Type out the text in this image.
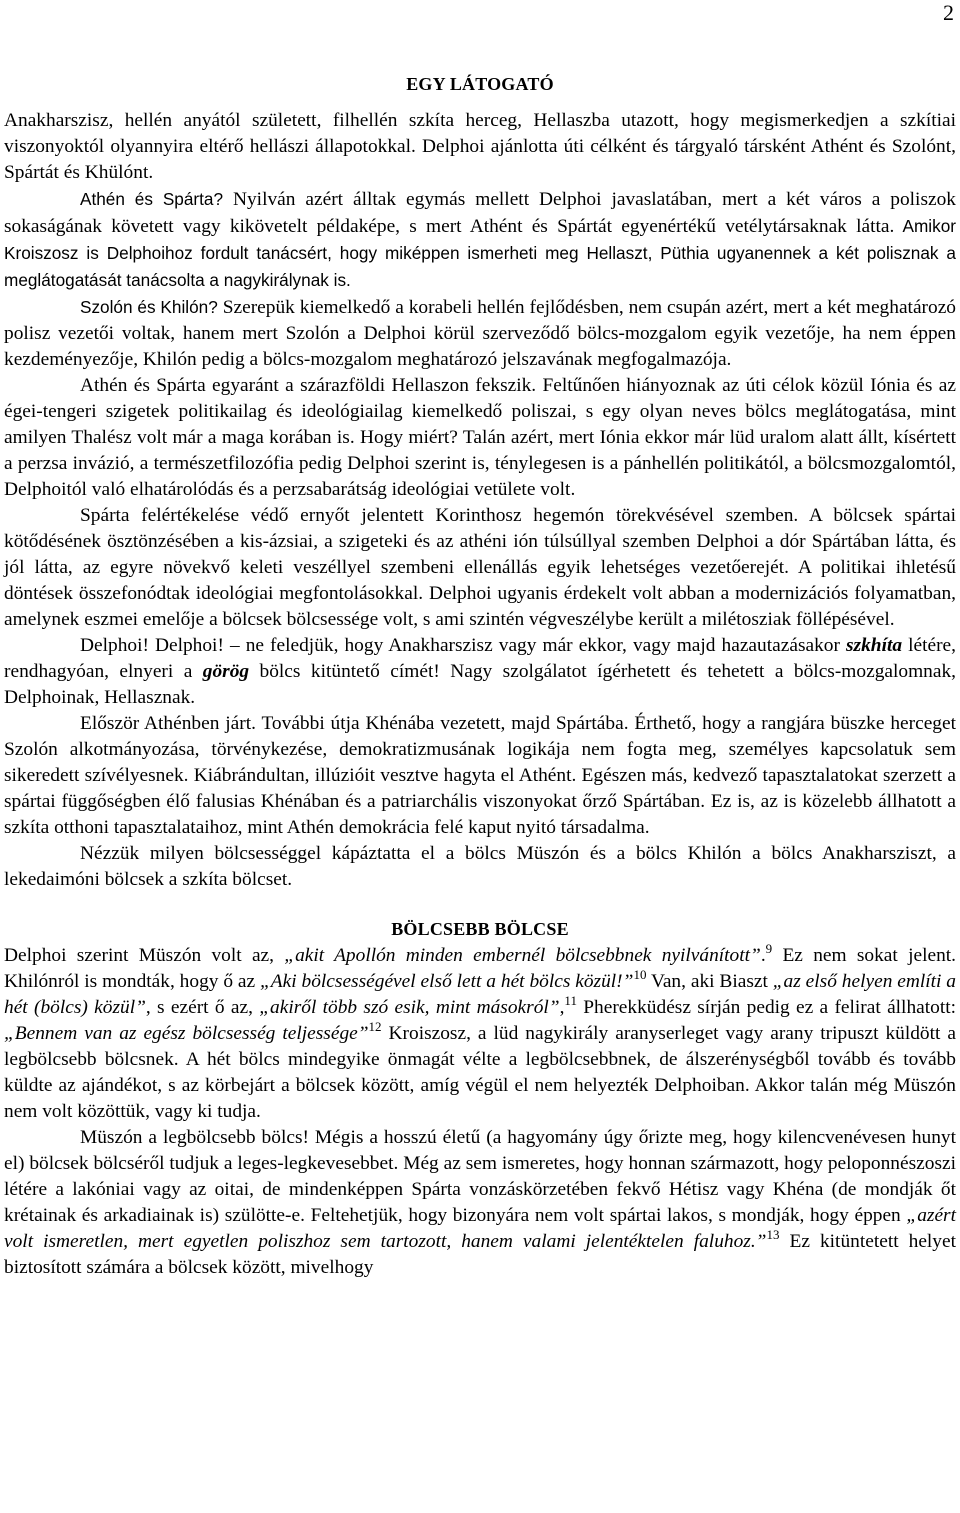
2
EGY LÁTOGATÓ

Anakharszisz, hellén anyától született, filhellén szkíta herceg, Hellaszba utazott, hogy megismerkedjen a szkítiai viszonyoktól olyannyira eltérő hellászi állapotokkal. Delphoi ajánlotta úti célként és tárgyaló társként Athént és Szolónt, Spártát és Khülónt.

Athén és Spárta? Nyilván azért álltak egymás mellett Delphoi javaslatában, mert a két város a poliszok sokaságának követett vagy kikövetelt példaképe, s mert Athént és Spártát egyenértékű vetélytársaknak látta. Amikor Kroiszosz is Delphoihoz fordult tanácsért, hogy miképpen ismerheti meg Hellaszt, Püthia ugyanennek a két polisznak a meglátogatását tanácsolta a nagykirálynak is.

Szolón és Khilón? Szerepük kiemelkedő a korabeli hellén fejlődésben, nem csupán azért, mert a két meghatározó polisz vezetői voltak, hanem mert Szolón a Delphoi körül szerveződő bölcs-mozgalom egyik vezetője, ha nem éppen kezdeményezője, Khilón pedig a bölcs-mozgalom meghatározó jelszavának megfogalmazója.

Athén és Spárta egyaránt a szárazföldi Hellaszon fekszik. Feltűnően hiányoznak az úti célok közül Iónia és az égei-tengeri szigetek politikailag és ideológiailag kiemelkedő poliszai, s egy olyan neves bölcs meglátogatása, mint amilyen Thalész volt már a maga korában is. Hogy miért? Talán azért, mert Iónia ekkor már lüd uralom alatt állt, kísértett a perzsa invázió, a természetfilozófia pedig Delphoi szerint is, ténylegesen is a pánhellén politikától, a bölcsmozgalomtól, Delphoitól való elhatárolódás és a perzsabarátság ideológiai vetülete volt.

Spárta felértékelése védő ernyőt jelentett Korinthosz hegemón törekvésével szemben. A bölcsek spártai kötődésének ösztönzésében a kis-ázsiai, a szigeteki és az athéni ión túlsúllyal szemben Delphoi a dór Spártában látta, és jól látta, az egyre növekvő keleti veszéllyel szembeni ellenállás egyik lehetséges vezetőerejét. A politikai ihletésű döntések összefonódtak ideológiai megfontolásokkal. Delphoi ugyanis érdekelt volt abban a modernizációs folyamatban, amelynek eszmei emelője a bölcsek bölcsessége volt, s ami szintén végveszélybe került a milétosziak föllépésével.

Delphoi! Delphoi! – ne feledjük, hogy Anakharszisz vagy már ekkor, vagy majd hazautazásakor szkhíta létére, rendhagyóan, elnyeri a görög bölcs kitüntető címét! Nagy szolgálatot ígérhetett és tehetett a bölcs-mozgalomnak, Delphoinak, Hellasznak.

Először Athénben járt. További útja Khénába vezetett, majd Spártába. Érthető, hogy a rangjára büszke herceget Szolón alkotmányozása, törvénykezése, demokratizmusának logikája nem fogta meg, személyes kapcsolatuk sem sikeredett szívélyesnek. Kiábrándultan, illúzióit vesztve hagyta el Athént. Egészen más, kedvező tapasztalatokat szerzett a spártai függőségben élő falusias Khénában és a patriarchális viszonyokat őrző Spártában. Ez is, az is közelebb állhatott a szkíta otthoni tapasztalataihoz, mint Athén demokrácia felé kaput nyitó társadalma.

Nézzük milyen bölcsességgel kápáztatta el a bölcs Müszón és a bölcs Khilón a bölcs Anakharsziszt, a lekedaimóni bölcsek a szkíta bölcset.

BÖLCSEBB BÖLCSE

Delphoi szerint Müszón volt az, „akit Apollón minden embernél bölcsebbnek nyilvánított”.$^9$ Ez nem sokat jelent. Khilónról is mondták, hogy ő az „Aki bölcsességével első lett a hét bölcs közül!”$^{10}$ Van, aki Biaszt „az első helyen említi a hét (bölcs) közül”, s ezért ő az, „akiről több szó esik, mint másokról”,$^{11}$ Pherekküdész sírján pedig ez a felirat állhatott: „Bennem van az egész bölcsesség teljessége”$^{12}$ Kroiszosz, a lüd nagykirály aranyserleget vagy arany tripuszt küldött a legbölcsebb bölcsnek. A hét bölcs mindegyike önmagát vélte a legbölcsebbnek, de álszerénységből tovább és tovább küldte az ajándékot, s az körbejárt a bölcsek között, amíg végül el nem helyezték Delphoiban. Akkor talán még Müszón nem volt közöttük, vagy ki tudja.

Müszón a legbölcsebb bölcs! Mégis a hosszú életű (a hagyomány úgy őrizte meg, hogy kilencvenévesen hunyt el) bölcsek bölcséről tudjuk a leges-legkevesebbet. Még az sem ismeretes, hogy honnan származott, hogy peloponnészoszi létére a lakóniai vagy az oitai, de mindenképpen Spárta vonzáskörzetében fekvő Hétisz vagy Khéna (de mondják őt krétainak és arkadiainak is) szülötte-e. Feltehetjük, hogy bizonyára nem volt spártai lakos, s mondják, hogy éppen „azért volt ismeretlen, mert egyetlen poliszhoz sem tartozott, hanem valami jelentéktelen faluhoz.”$^{13}$ Ez kitüntetett helyet biztosított számára a bölcsek között, mivelhogy
